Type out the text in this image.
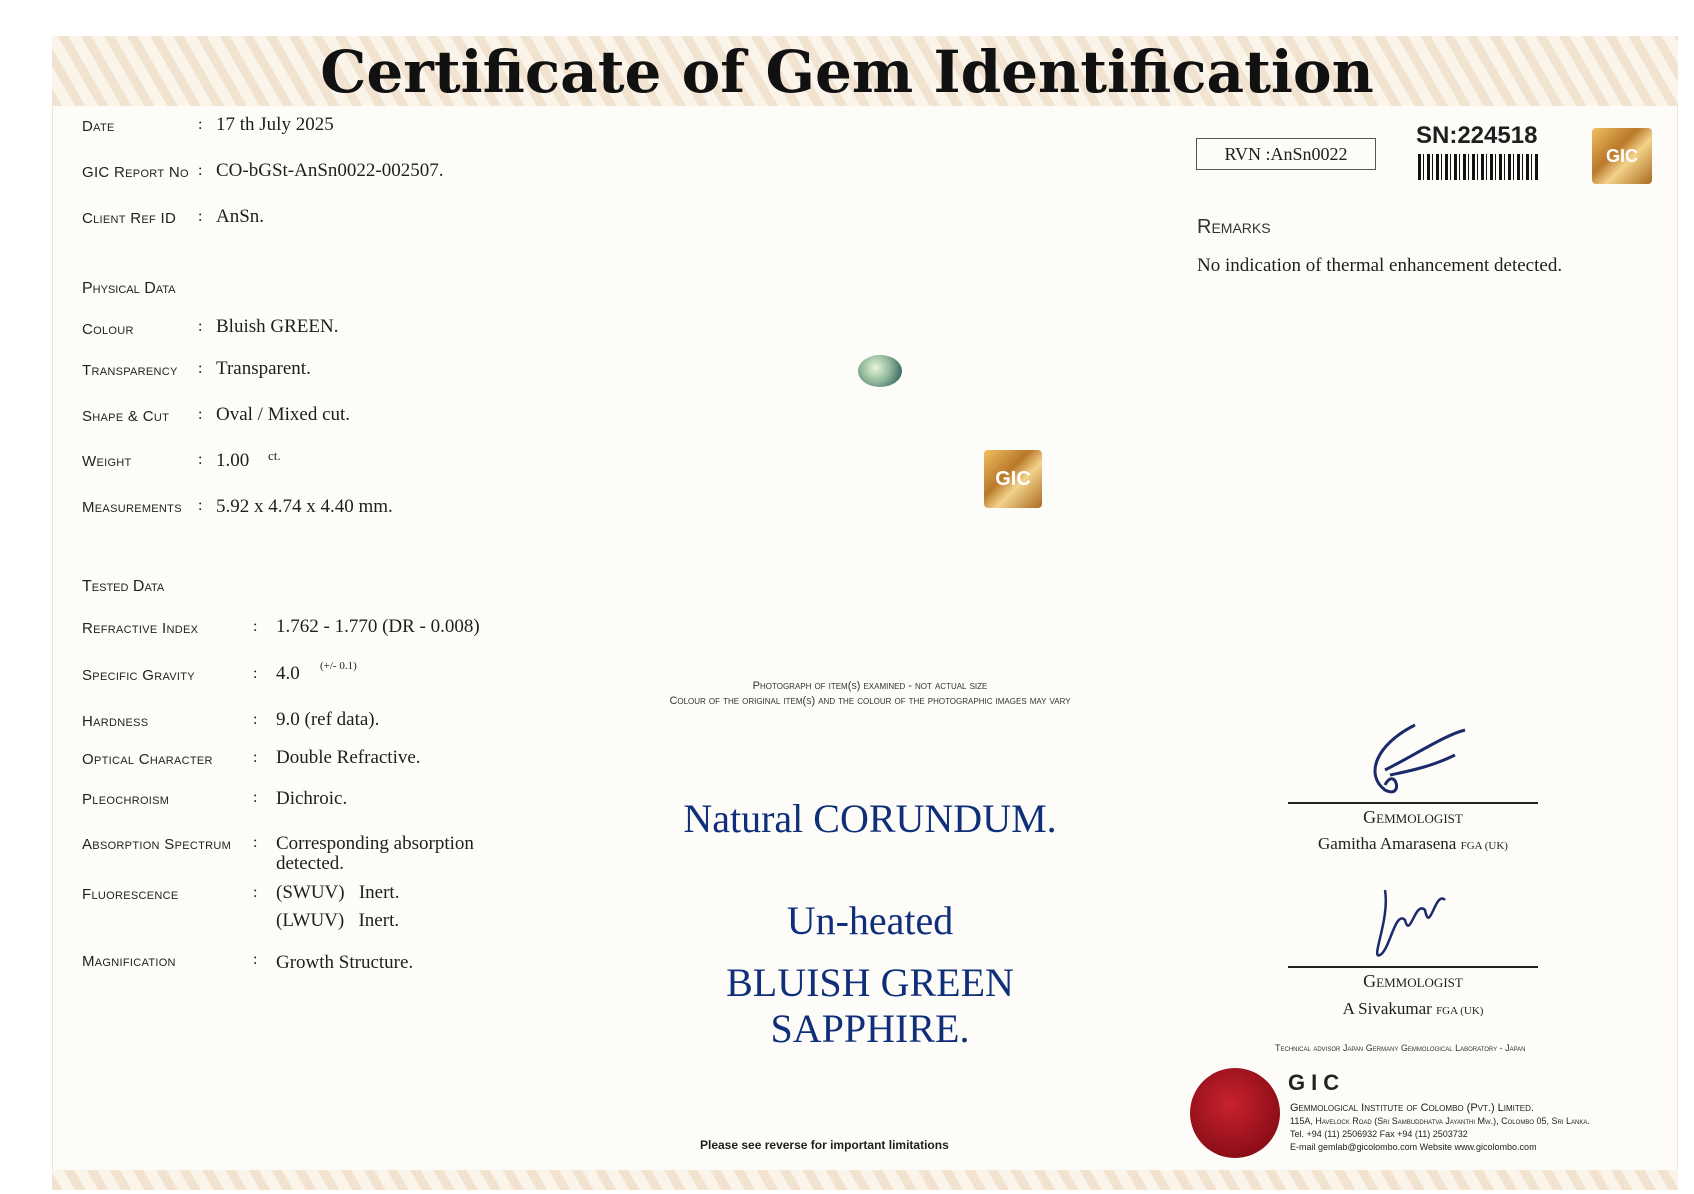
Certificate of Gem Identification
Date	: 17 th July 2025
GIC Report No : CO-bGSt-AnSn0022-002507.
Client Ref ID : AnSn.
Physical Data
Colour	: Bluish GREEN.
Transparency : Transparent.
Shape & Cut : Oval / Mixed cut.
Weight	: 1.00 ct.
Measurements : 5.92 x 4.74 x 4.40 mm.
Tested Data
Refractive Index	: 1.762 - 1.770 (DR - 0.008)
Specific Gravity	: 4.0 (+/- 0.1)
Hardness	: 9.0 (ref data).
Optical Character	: Double Refractive.
Pleochroism	: Dichroic.
Absorption Spectrum : Corresponding absorption
detected.
Fluorescence	: (SWUV)   Inert.
(LWUV)   Inert.
Magnification	: Growth Structure.
RVN :AnSn0022
SN:224518
GIC
Remarks
No indication of thermal enhancement detected.
GIC
Photograph of item(s) examined - not actual size
Colour of the original item(s) and the colour of the photographic images may vary
Natural CORUNDUM.
Un-heated
BLUISH GREEN
SAPPHIRE.
Please see reverse for important limitations
Gemmologist
Gamitha Amarasena FGA (UK)
Gemmologist
A Sivakumar FGA (UK)
Technical advisor Japan Germany Gemmological Laboratory - Japan
GIC
Gemmological Institute of Colombo (Pvt.) Limited.
115A, Havelock Road (Sri Sambuddhatva Jayanthi Mw.), Colombo 05, Sri Lanka.
Tel. +94 (11) 2506932 Fax +94 (11) 2503732
E-mail gemlab@gicolombo.com Website www.gicolombo.com
